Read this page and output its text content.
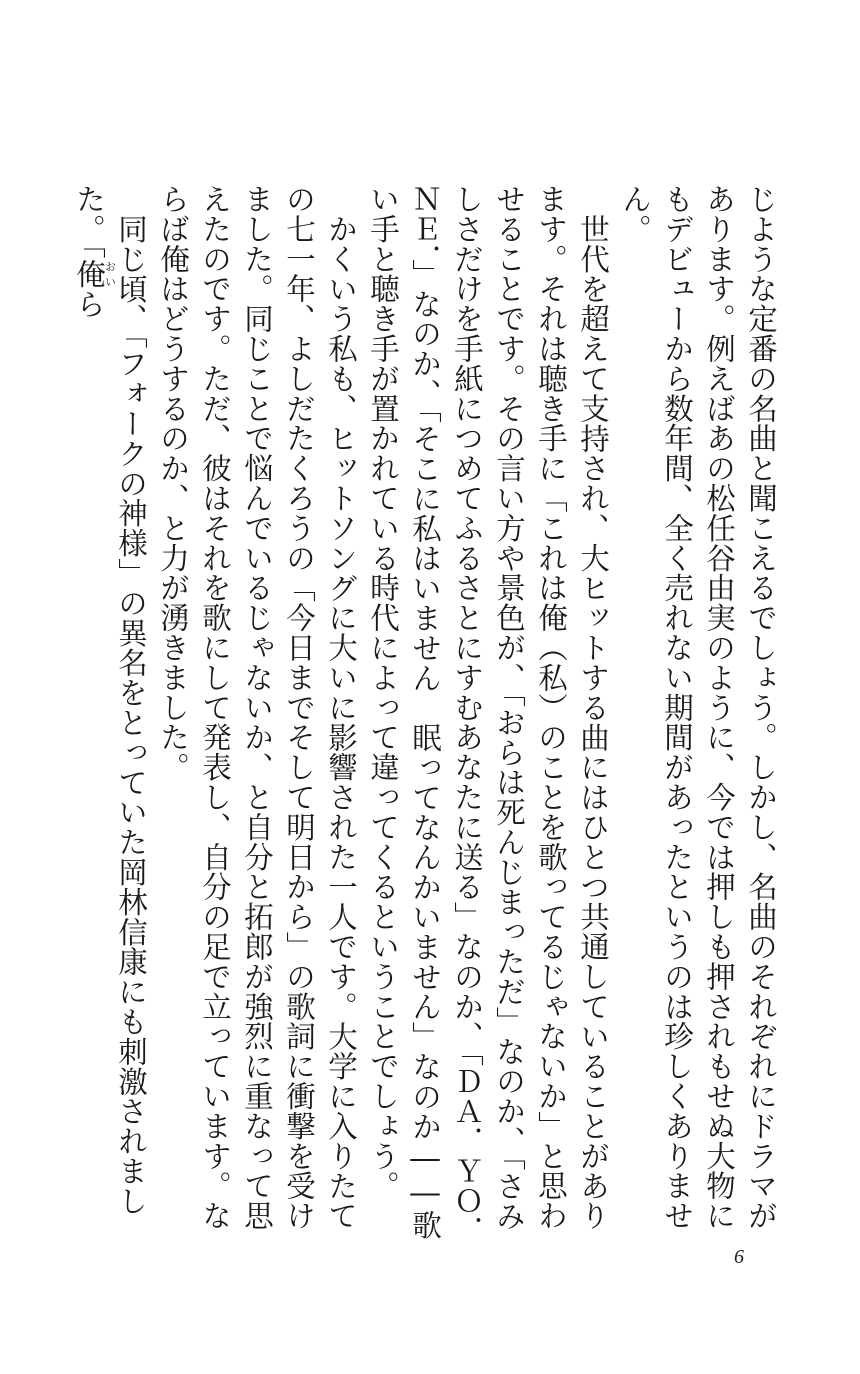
じような定番の名曲と聞こえるでしょう。しかし、名曲のそれぞれにドラマがあります。例えばあの松任谷由実のように、今では押しも押されもせぬ大物にもデビューから数年間、全く売れない期間があったというのは珍しくありません。

世代を超えて支持され、大ヒットする曲にはひとつ共通していることがあります。それは聴き手に「これは俺（私）のことを歌ってるじゃないか」と思わせることです。その言い方や景色が、「おらは死んじまっただ」なのか、「さみしさだけを手紙につめてふるさとにすむあなたに送る」なのか、「ＤＡ．ＹＯ．ＮＥ．」なのか、「そこに私はいません　眠ってなんかいません」なのか――歌い手と聴き手が置かれている時代によって違ってくるということでしょう。

かくいう私も、ヒットソングに大いに影響された一人です。大学に入りたての七一年、よしだたくろうの「今日までそして明日から」の歌詞に衝撃を受けました。同じことで悩んでいるじゃないか、と自分と拓郎が強烈に重なって思えたのです。ただ、彼はそれを歌にして発表し、自分の足で立っています。ならば俺はどうするのか、と力が湧きました。

同じ頃、「フォークの神様」の異名をとっていた岡林信康にも刺激されました。「俺おいら

6
